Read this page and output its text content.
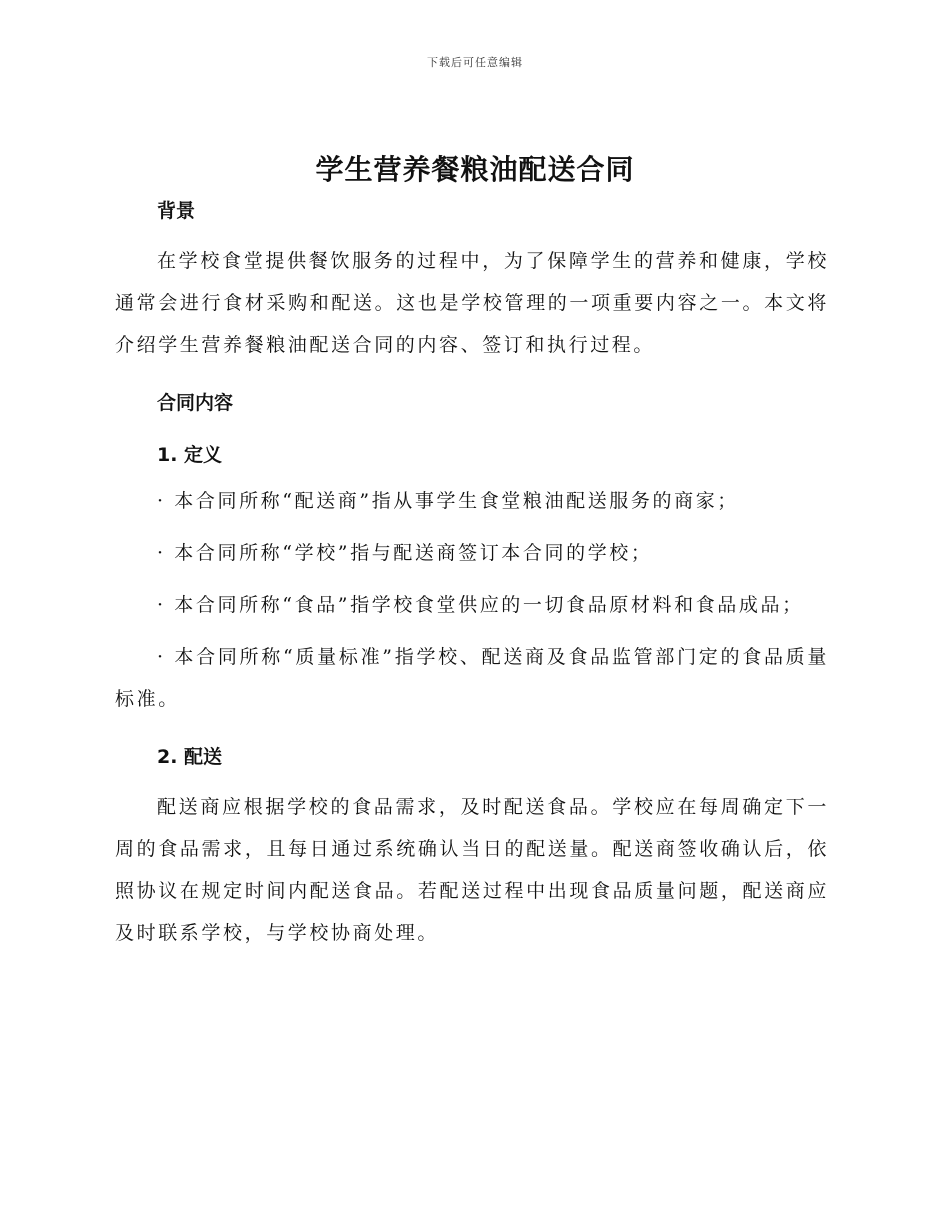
下载后可任意编辑
学生营养餐粮油配送合同
背景
在学校食堂提供餐饮服务的过程中，为了保障学生的营养和健康，学校通常会进行食材采购和配送。这也是学校管理的一项重要内容之一。本文将介绍学生营养餐粮油配送合同的内容、签订和执行过程。
合同内容
1. 定义
· 本合同所称“配送商”指从事学生食堂粮油配送服务的商家；
· 本合同所称“学校”指与配送商签订本合同的学校；
· 本合同所称“食品”指学校食堂供应的一切食品原材料和食品成品；
· 本合同所称“质量标准”指学校、配送商及食品监管部门定的食品质量标准。
2. 配送
配送商应根据学校的食品需求，及时配送食品。学校应在每周确定下一周的食品需求，且每日通过系统确认当日的配送量。配送商签收确认后，依照协议在规定时间内配送食品。若配送过程中出现食品质量问题，配送商应及时联系学校，与学校协商处理。
